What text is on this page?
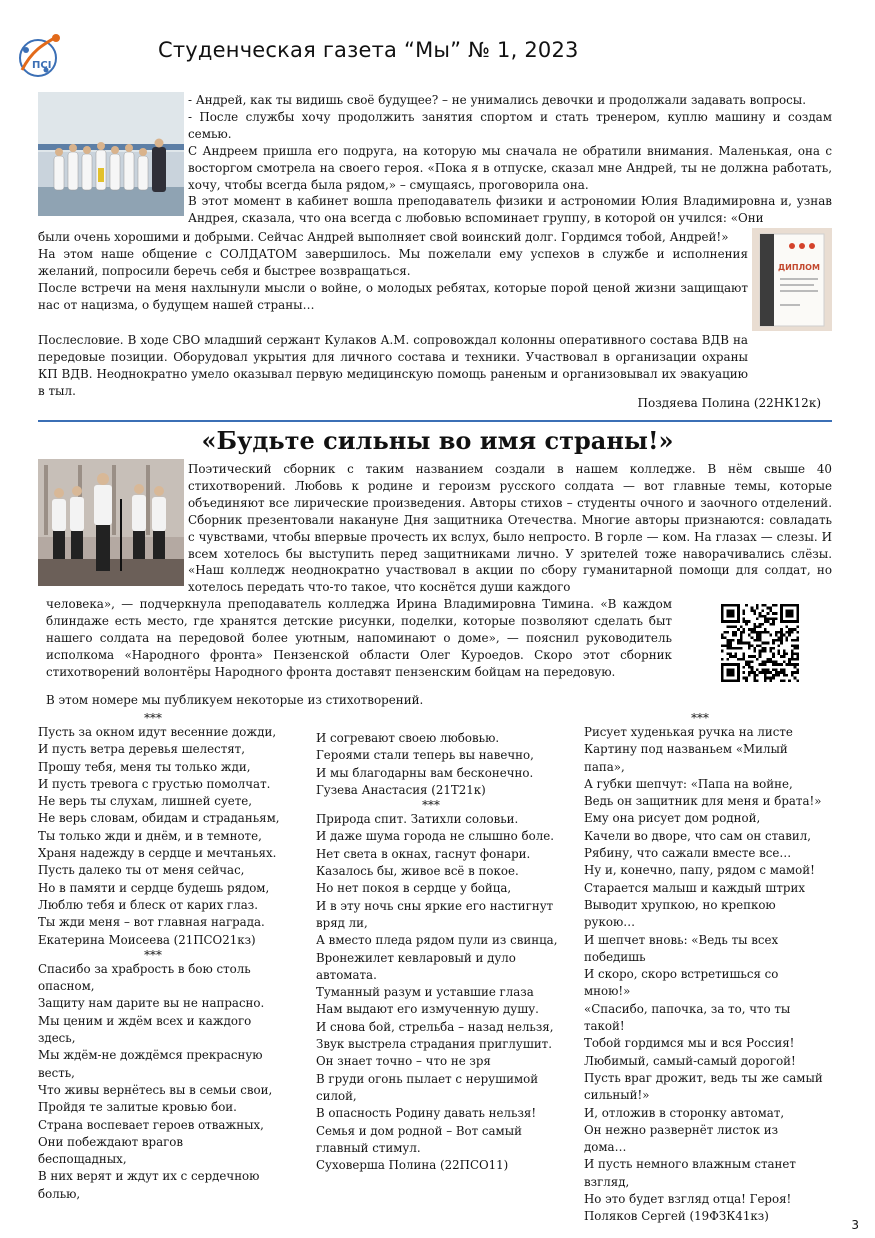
ПСI
Студенческая газета “Мы” № 1, 2023

- Андрей, как ты видишь своё будущее? – не унимались девочки и продолжали задавать вопросы.

- После службы хочу продолжить занятия спортом и стать тренером, куплю машину и создам семью.

С Андреем пришла его подруга, на которую мы сначала не обратили внимания. Маленькая, она с восторгом смотрела на своего героя. «Пока я в отпуске, сказал мне Андрей, ты не должна работать, хочу, чтобы всегда была рядом,» – смущаясь, проговорила она.

В этот момент в кабинет вошла преподаватель физики и астрономии Юлия Владимировна и, узнав Андрея, сказала, что она всегда с любовью вспоминает группу, в которой он учился: «Они

ДИПЛОМ

были очень хорошими и добрыми. Сейчас Андрей выполняет свой воинский долг. Гордимся тобой, Андрей!»

На этом наше общение с СОЛДАТОМ завершилось. Мы пожелали ему успехов в службе и исполнения желаний, попросили беречь себя и быстрее возвращаться.

После встречи на меня нахлынули мысли о войне, о молодых ребятах, которые порой ценой жизни защищают нас от нацизма, о будущем нашей страны…

Послесловие. В ходе СВО младший сержант Кулаков А.М. сопровождал колонны оперативного состава ВДВ на передовые позиции. Оборудовал укрытия для личного состава и техники. Участвовал в организации охраны КП ВДВ. Неоднократно умело оказывал первую медицинскую помощь раненым и организовывал их эвакуацию в тыл.

Поздяева Полина (22НК12к)
«Будьте сильны во имя страны!»

Поэтический сборник с таким названием создали в нашем колледже. В нём свыше 40 стихотворений. Любовь к родине и героизм русского солдата — вот главные темы, которые объединяют все лирические произведения. Авторы стихов – студенты очного и заочного отделений. Сборник презентовали накануне Дня защитника Отечества. Многие авторы признаются: совладать с чувствами, чтобы впервые прочесть их вслух, было непросто. В горле — ком. На глазах — слезы. И всем хотелось бы выступить перед защитниками лично. У зрителей тоже наворачивались слёзы. «Наш колледж неоднократно участвовал в акции по сбору гуманитарной помощи для солдат, но хотелось передать что-то такое, что коснётся души каждого

человека», — подчеркнула преподаватель колледжа Ирина Владимировна Тимина. «В каждом блиндаже есть место, где хранятся детские рисунки, поделки, которые позволяют сделать быт нашего солдата на передовой более уютным, напоминают о доме», — пояснил руководитель исполкома «Народного фронта» Пензенской области Олег Куроедов. Скоро этот сборник стихотворений волонтёры Народного фронта доставят пензенским бойцам на передовую.

В этом номере мы публикуем некоторые из стихотворений.
***
Пусть за окном идут весенние дожди,
И пусть ветра деревья шелестят,
Прошу тебя, меня ты только жди,
И пусть тревога с грустью помолчат.
Не верь ты слухам, лишней суете,
Не верь словам, обидам и страданьям,
Ты только жди и днём, и в темноте,
Храня надежду в сердце и мечтаньях.
Пусть далеко ты от меня сейчас,
Но в памяти и сердце будешь рядом,
Люблю тебя и блеск от карих глаз.
Ты жди меня – вот главная награда.
Екатерина Моисеева (21ПСО21кз)
***
Спасибо за храбрость в бою столь
опасном,
Защиту нам дарите вы не напрасно.
Мы ценим и ждём всех и каждого
здесь,
Мы ждём-не дождёмся прекрасную
весть,
Что живы вернётесь вы в семьи свои,
Пройдя те залитые кровью бои.
Страна воспевает героев отважных,
Они побеждают врагов
беспощадных,
В них верят и ждут их с сердечною
болью,
И согревают своею любовью.
Героями стали теперь вы навечно,
И мы благодарны вам бесконечно.
Гузева Анастасия (21Т21к)
***
Природа спит. Затихли соловьи.
И даже шума города не слышно боле.
Нет света в окнах, гаснут фонари.
Казалось бы, живое всё в покое.
Но нет покоя в сердце у бойца,
И в эту ночь сны яркие его настигнут
вряд ли,
А вместо пледа рядом пули из свинца,
Вронежилет кевларовый и дуло
автомата.
Туманный разум и уставшие глаза
Нам выдают его измученную душу.
И снова бой, стрельба – назад нельзя,
Звук выстрела страдания приглушит.
Он знает точно – что не зря
В груди огонь пылает с нерушимой
силой,
В опасность Родину давать нельзя!
Семья и дом родной – Вот самый
главный стимул.
Суховерша Полина (22ПСО11)
***
Рисует худенькая ручка на листе
Картину под названьем «Милый
папа»,
А губки шепчут: «Папа на войне,
Ведь он защитник для меня и брата!»
Ему она рисует дом родной,
Качели во дворе, что сам он ставил,
Рябину, что сажали вместе все…
Ну и, конечно, папу, рядом с мамой!
Старается малыш и каждый штрих
Выводит хрупкою, но крепкою
рукою…
И шепчет вновь: «Ведь ты всех
победишь
И скоро, скоро встретишься со
мною!»
«Спасибо, папочка, за то, что ты
такой!
Тобой гордимся мы и вся Россия!
Любимый, самый-самый дорогой!
Пусть враг дрожит, ведь ты же самый
сильный!»
И, отложив в сторонку автомат,
Он нежно развернёт листок из
дома…
И пусть немного влажным станет
взгляд,
Но это будет взгляд отца! Героя!
Поляков Сергей (19ФЗК41кз)
3
